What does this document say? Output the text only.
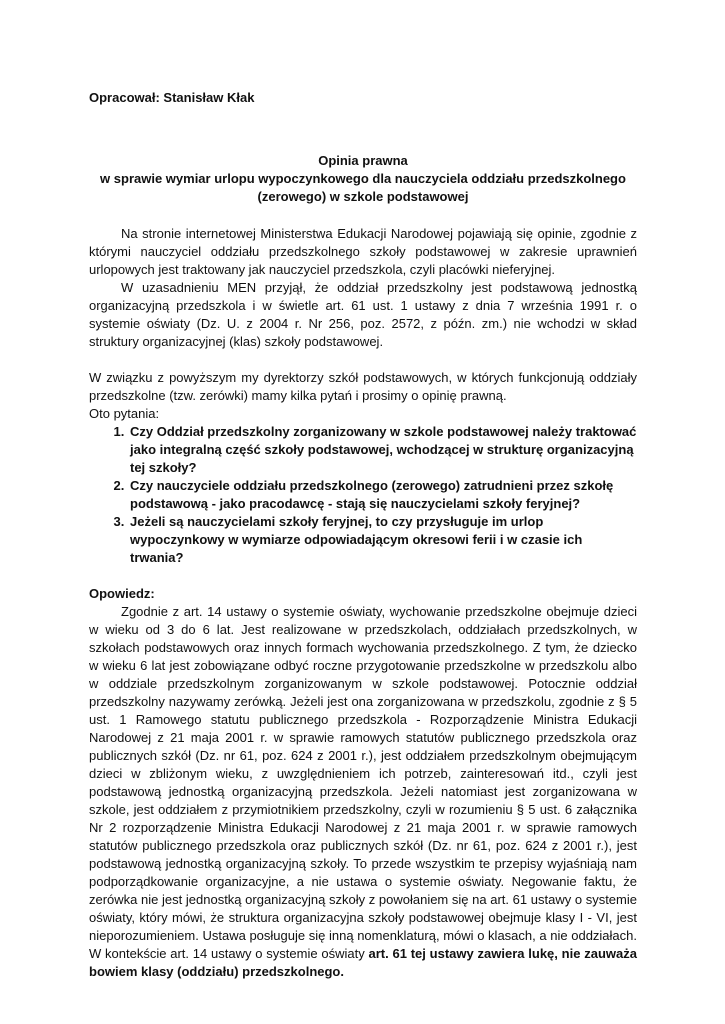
Opracował: Stanisław Kłak
Opinia prawna
w sprawie wymiar urlopu wypoczynkowego dla nauczyciela oddziału przedszkolnego
(zerowego) w szkole podstawowej

Na stronie internetowej Ministerstwa Edukacji Narodowej pojawiają się opinie, zgodnie z którymi nauczyciel oddziału przedszkolnego szkoły podstawowej w zakresie uprawnień urlopowych jest traktowany jak nauczyciel przedszkola, czyli placówki nieferyjnej.

W uzasadnieniu MEN przyjął, że oddział przedszkolny jest podstawową jednostką organizacyjną przedszkola i w świetle art. 61 ust. 1 ustawy z dnia 7 września 1991 r. o systemie oświaty (Dz. U. z 2004 r. Nr 256, poz. 2572, z późn. zm.) nie wchodzi w skład struktury organizacyjnej (klas) szkoły podstawowej.

W związku z powyższym my dyrektorzy szkół podstawowych, w których funkcjonują oddziały przedszkolne (tzw. zerówki) mamy kilka pytań i prosimy o opinię prawną.

Oto pytania:

1. Czy Oddział przedszkolny zorganizowany w szkole podstawowej należy traktować jako integralną część szkoły podstawowej, wchodzącej w strukturę organizacyjną tej szkoły?
2. Czy nauczyciele oddziału przedszkolnego (zerowego) zatrudnieni przez szkołę podstawową - jako pracodawcę - stają się nauczycielami szkoły feryjnej?
3. Jeżeli są nauczycielami szkoły feryjnej, to czy przysługuje im urlop wypoczynkowy w wymiarze odpowiadającym okresowi ferii i w czasie ich trwania?

Opowiedz:

Zgodnie z art. 14 ustawy o systemie oświaty, wychowanie przedszkolne obejmuje dzieci w wieku od 3 do 6 lat. Jest realizowane w przedszkolach, oddziałach przedszkolnych, w szkołach podstawowych oraz innych formach wychowania przedszkolnego. Z tym, że dziecko w wieku 6 lat jest zobowiązane odbyć roczne przygotowanie przedszkolne w przedszkolu albo w oddziale przedszkolnym zorganizowanym w szkole podstawowej. Potocznie oddział przedszkolny nazywamy zerówką. Jeżeli jest ona zorganizowana w przedszkolu, zgodnie z § 5 ust. 1 Ramowego statutu publicznego przedszkola - Rozporządzenie Ministra Edukacji Narodowej z 21 maja 2001 r. w sprawie ramowych statutów publicznego przedszkola oraz publicznych szkół (Dz. nr 61, poz. 624 z 2001 r.), jest oddziałem przedszkolnym obejmującym dzieci w zbliżonym wieku, z uwzględnieniem ich potrzeb, zainteresowań itd., czyli jest podstawową jednostką organizacyjną przedszkola. Jeżeli natomiast jest zorganizowana w szkole, jest oddziałem z przymiotnikiem przedszkolny, czyli w rozumieniu § 5 ust. 6 załącznika Nr 2 rozporządzenie Ministra Edukacji Narodowej z 21 maja 2001 r. w sprawie ramowych statutów publicznego przedszkola oraz publicznych szkół (Dz. nr 61, poz. 624 z 2001 r.), jest podstawową jednostką organizacyjną szkoły. To przede wszystkim te przepisy wyjaśniają nam podporządkowanie organizacyjne, a nie ustawa o systemie oświaty. Negowanie faktu, że zerówka nie jest jednostką organizacyjną szkoły z powołaniem się na art. 61 ustawy o systemie oświaty, który mówi, że struktura organizacyjna szkoły podstawowej obejmuje klasy I - VI, jest nieporozumieniem. Ustawa posługuje się inną nomenklaturą, mówi o klasach, a nie oddziałach. W kontekście art. 14 ustawy o systemie oświaty art. 61 tej ustawy zawiera lukę, nie zauważa bowiem klasy (oddziału) przedszkolnego.
